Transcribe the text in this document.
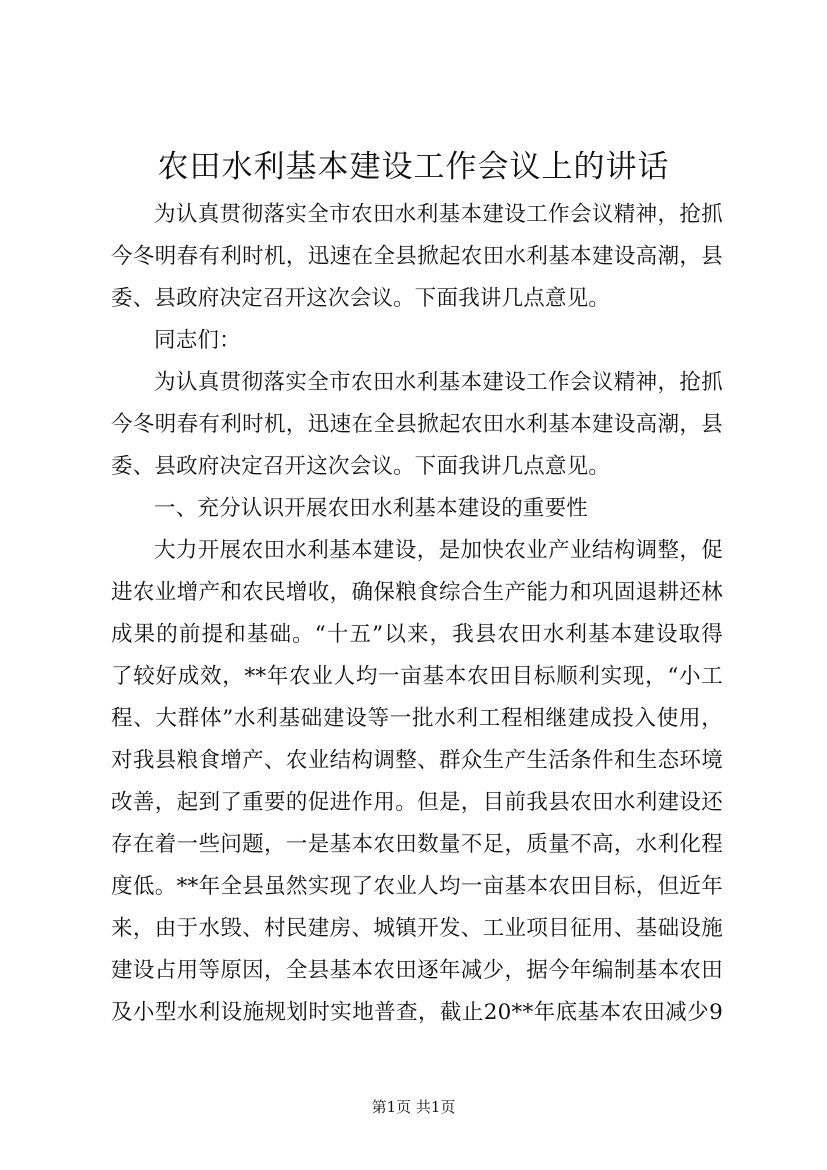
农田水利基本建设工作会议上的讲话
为认真贯彻落实全市农田水利基本建设工作会议精神，抢抓
今冬明春有利时机，迅速在全县掀起农田水利基本建设高潮，县
委、县政府决定召开这次会议。下面我讲几点意见。
同志们：
为认真贯彻落实全市农田水利基本建设工作会议精神，抢抓
今冬明春有利时机，迅速在全县掀起农田水利基本建设高潮，县
委、县政府决定召开这次会议。下面我讲几点意见。
一、充分认识开展农田水利基本建设的重要性
大力开展农田水利基本建设，是加快农业产业结构调整，促
进农业增产和农民增收，确保粮食综合生产能力和巩固退耕还林
成果的前提和基础。“十五”以来，我县农田水利基本建设取得
了较好成效，**年农业人均一亩基本农田目标顺利实现，“小工
程、大群体”水利基础建设等一批水利工程相继建成投入使用，
对我县粮食增产、农业结构调整、群众生产生活条件和生态环境
改善，起到了重要的促进作用。但是，目前我县农田水利建设还
存在着一些问题，一是基本农田数量不足，质量不高，水利化程
度低。**年全县虽然实现了农业人均一亩基本农田目标，但近年
来，由于水毁、村民建房、城镇开发、工业项目征用、基础设施
建设占用等原因，全县基本农田逐年减少，据今年编制基本农田
及小型水利设施规划时实地普查，截止20**年底基本农田减少9
第1页 共1页
